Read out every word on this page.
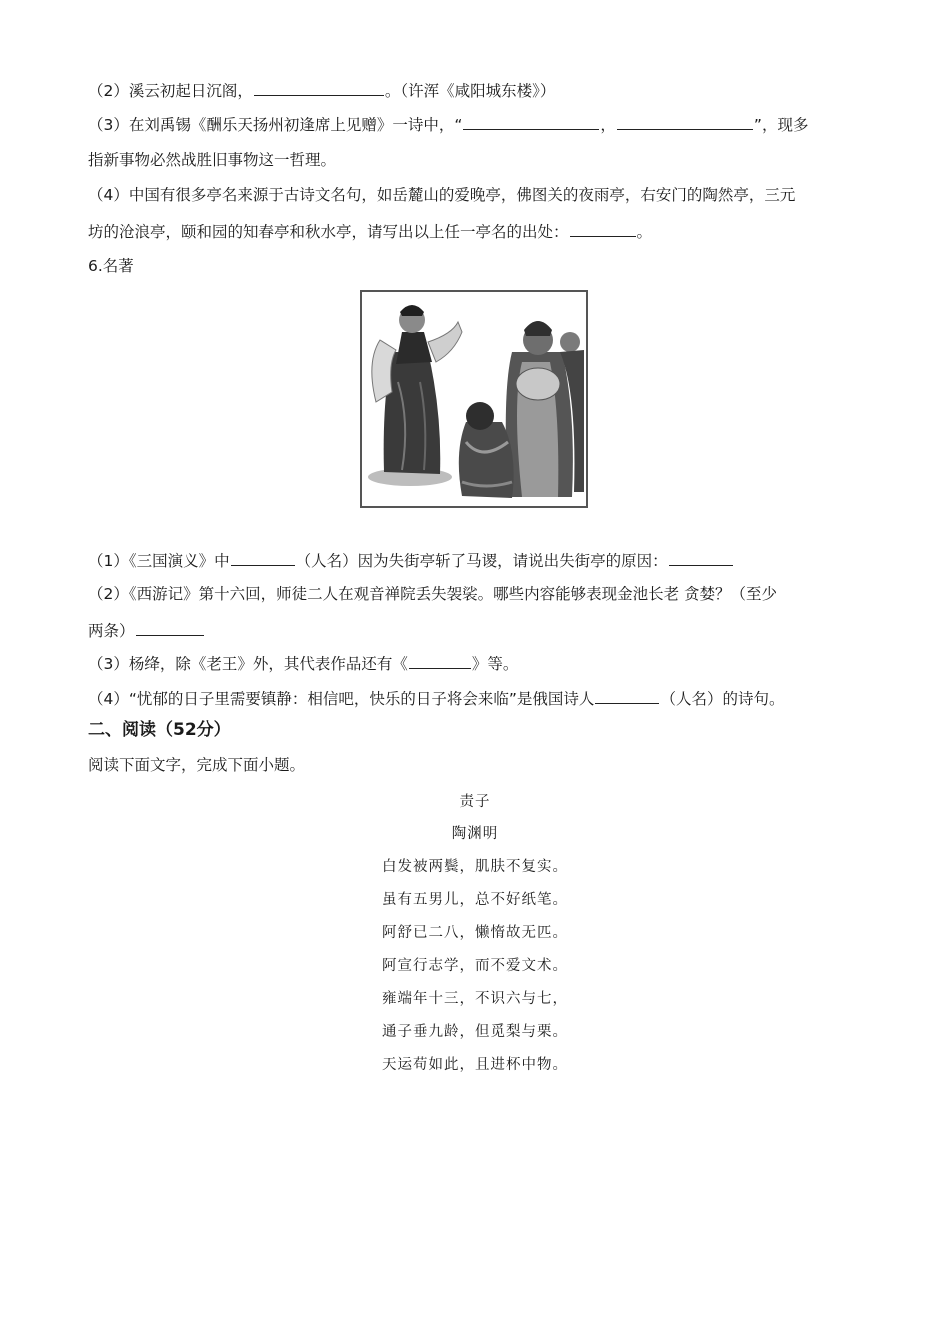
（2）溪云初起日沉阁，	。（许浑《咸阳城东楼》）
（3）在刘禹锡《酬乐天扬州初逢席上见赠》一诗中，“	，	”，现多
指新事物必然战胜旧事物这一哲理。
（4）中国有很多亭名来源于古诗文名句，如岳麓山的爱晚亭，佛图关的夜雨亭，右安门的陶然亭，三元
坊的沧浪亭，颐和园的知春亭和秋水亭，请写出以上任一亭名的出处：	。
6.名著
（1）《三国演义》中	（人名）因为失街亭斩了马谡，请说出失街亭的原因：
（2）《西游记》第十六回，师徒二人在观音禅院丢失袈裟。哪些内容能够表现金池长老 贪婪？（至少
两条）
（3）杨绛，除《老王》外，其代表作品还有《	》等。
（4）“忧郁的日子里需要镇静：相信吧，快乐的日子将会来临”是俄国诗人	（人名）的诗句。
二、阅读（52分）
阅读下面文字，完成下面小题。
责子
陶渊明
白发被两鬓，肌肤不复实。
虽有五男儿，总不好纸笔。
阿舒已二八，懒惰故无匹。
阿宣行志学，而不爱文术。
雍端年十三，不识六与七，
通子垂九龄，但觅梨与栗。
天运苟如此，且进杯中物。
